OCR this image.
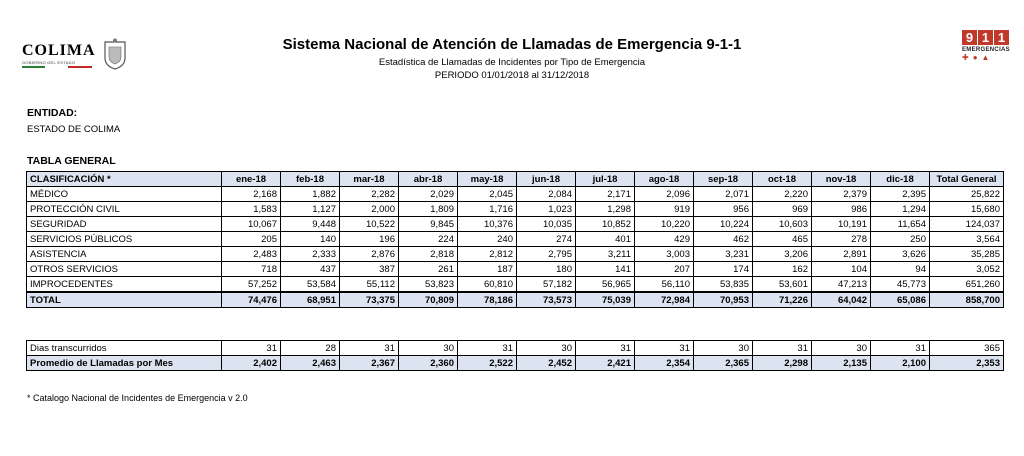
COLIMA
GOBIERNO DEL ESTADO
9 1 1
EMERGENCIAS
✚●▲
Sistema Nacional de Atención de Llamadas de Emergencia 9-1-1
Estadística de Llamadas de Incidentes por Tipo de Emergencia
PERIODO 01/01/2018 al 31/12/2018
ENTIDAD:
ESTADO DE COLIMA
TABLA GENERAL
CLASIFICACIÓN *	ene-18	feb-18	mar-18	abr-18	may-18	jun-18	jul-18	ago-18	sep-18	oct-18	nov-18	dic-18	Total General
MÉDICO	2,168	1,882	2,282	2,029	2,045	2,084	2,171	2,096	2,071	2,220	2,379	2,395	25,822
PROTECCIÓN CIVIL	1,583	1,127	2,000	1,809	1,716	1,023	1,298	919	956	969	986	1,294	15,680
SEGURIDAD	10,067	9,448	10,522	9,845	10,376	10,035	10,852	10,220	10,224	10,603	10,191	11,654	124,037
SERVICIOS PÚBLICOS	205	140	196	224	240	274	401	429	462	465	278	250	3,564
ASISTENCIA	2,483	2,333	2,876	2,818	2,812	2,795	3,211	3,003	3,231	3,206	2,891	3,626	35,285
OTROS SERVICIOS	718	437	387	261	187	180	141	207	174	162	104	94	3,052
IMPROCEDENTES	57,252	53,584	55,112	53,823	60,810	57,182	56,965	56,110	53,835	53,601	47,213	45,773	651,260
TOTAL	74,476	68,951	73,375	70,809	78,186	73,573	75,039	72,984	70,953	71,226	64,042	65,086	858,700
Dias transcurridos	31	28	31	30	31	30	31	31	30	31	30	31	365
Promedio de Llamadas por Mes	2,402	2,463	2,367	2,360	2,522	2,452	2,421	2,354	2,365	2,298	2,135	2,100	2,353
* Catalogo Nacional de Incidentes de Emergencia v 2.0
